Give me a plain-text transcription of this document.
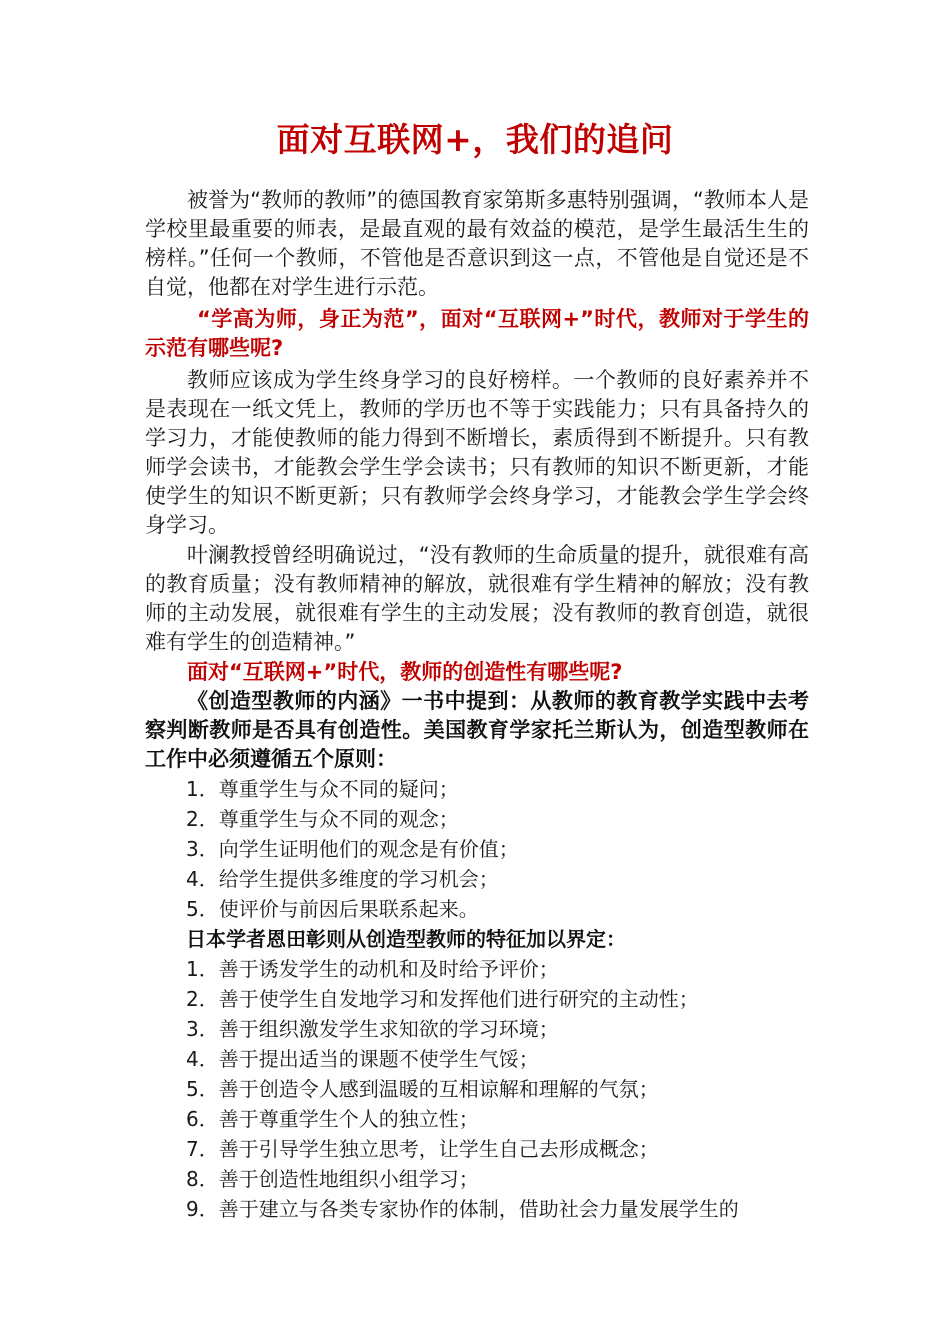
面对互联网+，我们的追问
被誉为“教师的教师”的德国教育家第斯多惠特别强调，“教师本人是学校里最重要的师表，是最直观的最有效益的模范，是学生最活生生的榜样。”任何一个教师，不管他是否意识到这一点，不管他是自觉还是不自觉，他都在对学生进行示范。
“学高为师，身正为范”，面对“互联网+”时代，教师对于学生的示范有哪些呢?
教师应该成为学生终身学习的良好榜样。一个教师的良好素养并不是表现在一纸文凭上，教师的学历也不等于实践能力；只有具备持久的学习力，才能使教师的能力得到不断增长，素质得到不断提升。只有教师学会读书，才能教会学生学会读书；只有教师的知识不断更新，才能使学生的知识不断更新；只有教师学会终身学习，才能教会学生学会终身学习。
叶澜教授曾经明确说过，“没有教师的生命质量的提升，就很难有高的教育质量；没有教师精神的解放，就很难有学生精神的解放；没有教师的主动发展，就很难有学生的主动发展；没有教师的教育创造，就很难有学生的创造精神。”
面对“互联网+”时代，教师的创造性有哪些呢?
《创造型教师的内涵》一书中提到：从教师的教育教学实践中去考察判断教师是否具有创造性。美国教育学家托兰斯认为，创造型教师在工作中必须遵循五个原则：
1．尊重学生与众不同的疑问；
2．尊重学生与众不同的观念；
3．向学生证明他们的观念是有价值；
4．给学生提供多维度的学习机会；
5．使评价与前因后果联系起来。
日本学者恩田彰则从创造型教师的特征加以界定：
1．善于诱发学生的动机和及时给予评价；
2．善于使学生自发地学习和发挥他们进行研究的主动性；
3．善于组织激发学生求知欲的学习环境；
4．善于提出适当的课题不使学生气馁；
5．善于创造令人感到温暖的互相谅解和理解的气氛；
6．善于尊重学生个人的独立性；
7．善于引导学生独立思考，让学生自己去形成概念；
8．善于创造性地组织小组学习；
9．善于建立与各类专家协作的体制，借助社会力量发展学生的
